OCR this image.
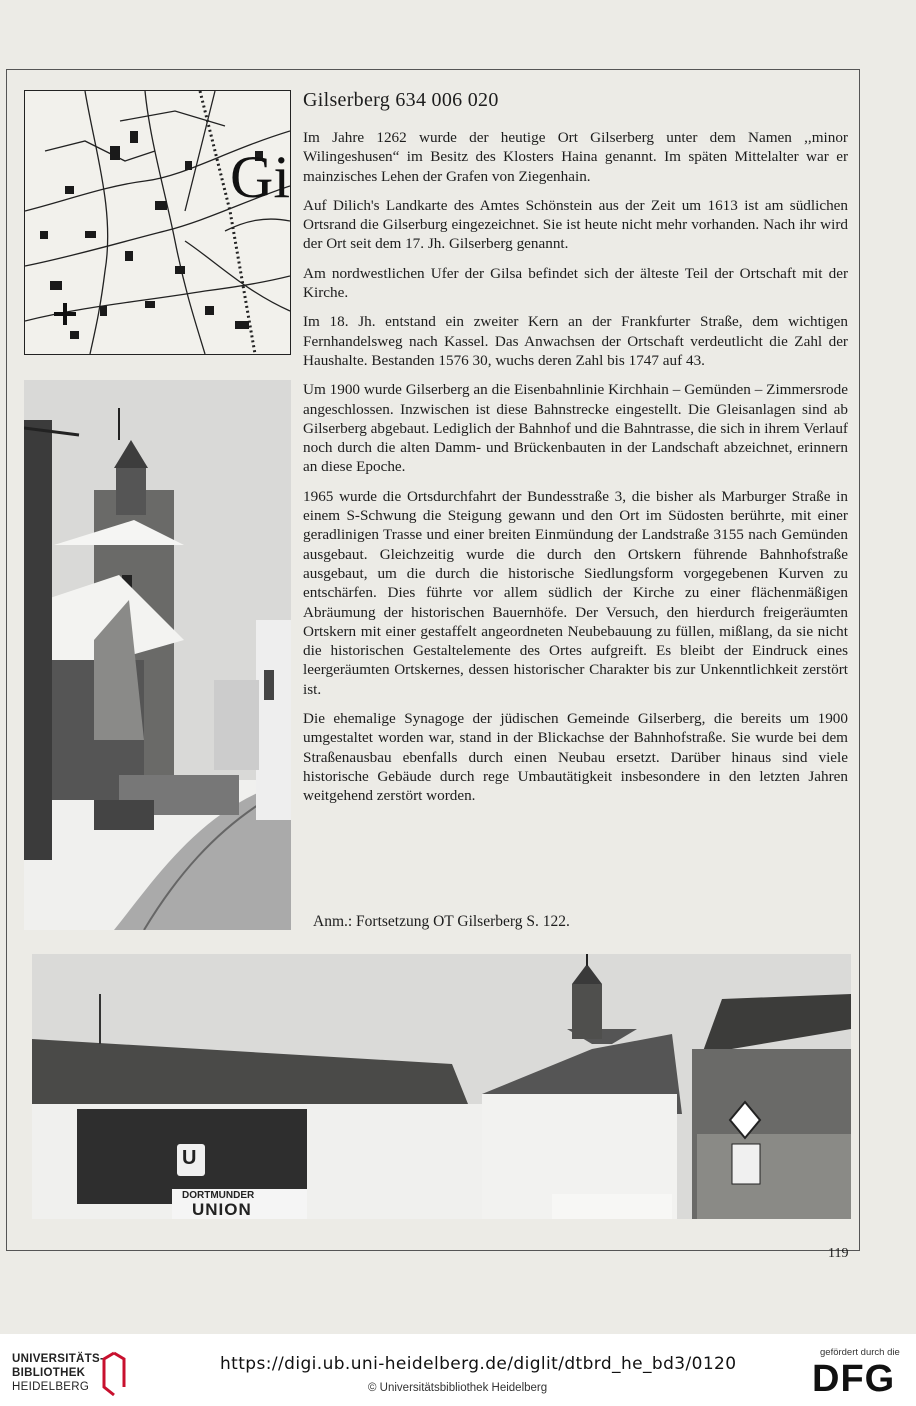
Gi
Gilserberg 634 006 020

Im Jahre 1262 wurde der heutige Ort Gilserberg unter dem Namen ,,minor Wilingeshusen“ im Besitz des Klosters Haina genannt. Im späten Mittelalter war er mainzisches Lehen der Grafen von Ziegenhain.

Auf Dilich's Landkarte des Amtes Schönstein aus der Zeit um 1613 ist am südlichen Ortsrand die Gilserburg eingezeichnet. Sie ist heute nicht mehr vorhanden. Nach ihr wird der Ort seit dem 17. Jh. Gilserberg genannt.

Am nordwestlichen Ufer der Gilsa befindet sich der älteste Teil der Ortschaft mit der Kirche.

Im 18. Jh. entstand ein zweiter Kern an der Frankfurter Straße, dem wichtigen Fernhandelsweg nach Kassel. Das Anwachsen der Ortschaft verdeutlicht die Zahl der Haushalte. Bestanden 1576 30, wuchs deren Zahl bis 1747 auf 43.

Um 1900 wurde Gilserberg an die Eisenbahnlinie Kirchhain – Gemünden – Zimmersrode angeschlossen. Inzwischen ist diese Bahnstrecke eingestellt. Die Gleisanlagen sind ab Gilserberg abgebaut. Lediglich der Bahnhof und die Bahntrasse, die sich in ihrem Verlauf noch durch die alten Damm- und Brückenbauten in der Landschaft abzeichnet, erinnern an diese Epoche.

1965 wurde die Ortsdurchfahrt der Bundesstraße 3, die bisher als Marburger Straße in einem S-Schwung die Steigung gewann und den Ort im Südosten berührte, mit einer geradlinigen Trasse und einer breiten Einmündung der Landstraße 3155 nach Gemünden ausgebaut. Gleichzeitig wurde die durch den Ortskern führende Bahnhofstraße ausgebaut, um die durch die historische Siedlungsform vorgegebenen Kurven zu entschärfen. Dies führte vor allem südlich der Kirche zu einer flächenmäßigen Abräumung der historischen Bauernhöfe. Der Versuch, den hierdurch freigeräumten Ortskern mit einer gestaffelt angeordneten Neubebauung zu füllen, mißlang, da sie nicht die historischen Gestaltelemente des Ortes aufgreift. Es bleibt der Eindruck eines leergeräumten Ortskernes, dessen historischer Charakter bis zur Unkenntlichkeit zerstört ist.

Die ehemalige Synagoge der jüdischen Gemeinde Gilserberg, die bereits um 1900 umgestaltet worden war, stand in der Blickachse der Bahnhofstraße. Sie wurde bei dem Straßenausbau ebenfalls durch einen Neubau ersetzt. Darüber hinaus sind viele historische Gebäude durch rege Umbautätigkeit insbesondere in den letzten Jahren weitgehend zerstört worden.

Anm.: Fortsetzung OT Gilserberg S. 122.
U
DORTMUNDER
UNION
119
UNIVERSITÄTS-
BIBLIOTHEK
HEIDELBERG
https://digi.ub.uni-heidelberg.de/diglit/dtbrd_he_bd3/0120
© Universitätsbibliothek Heidelberg
gefördert durch die
DFG
